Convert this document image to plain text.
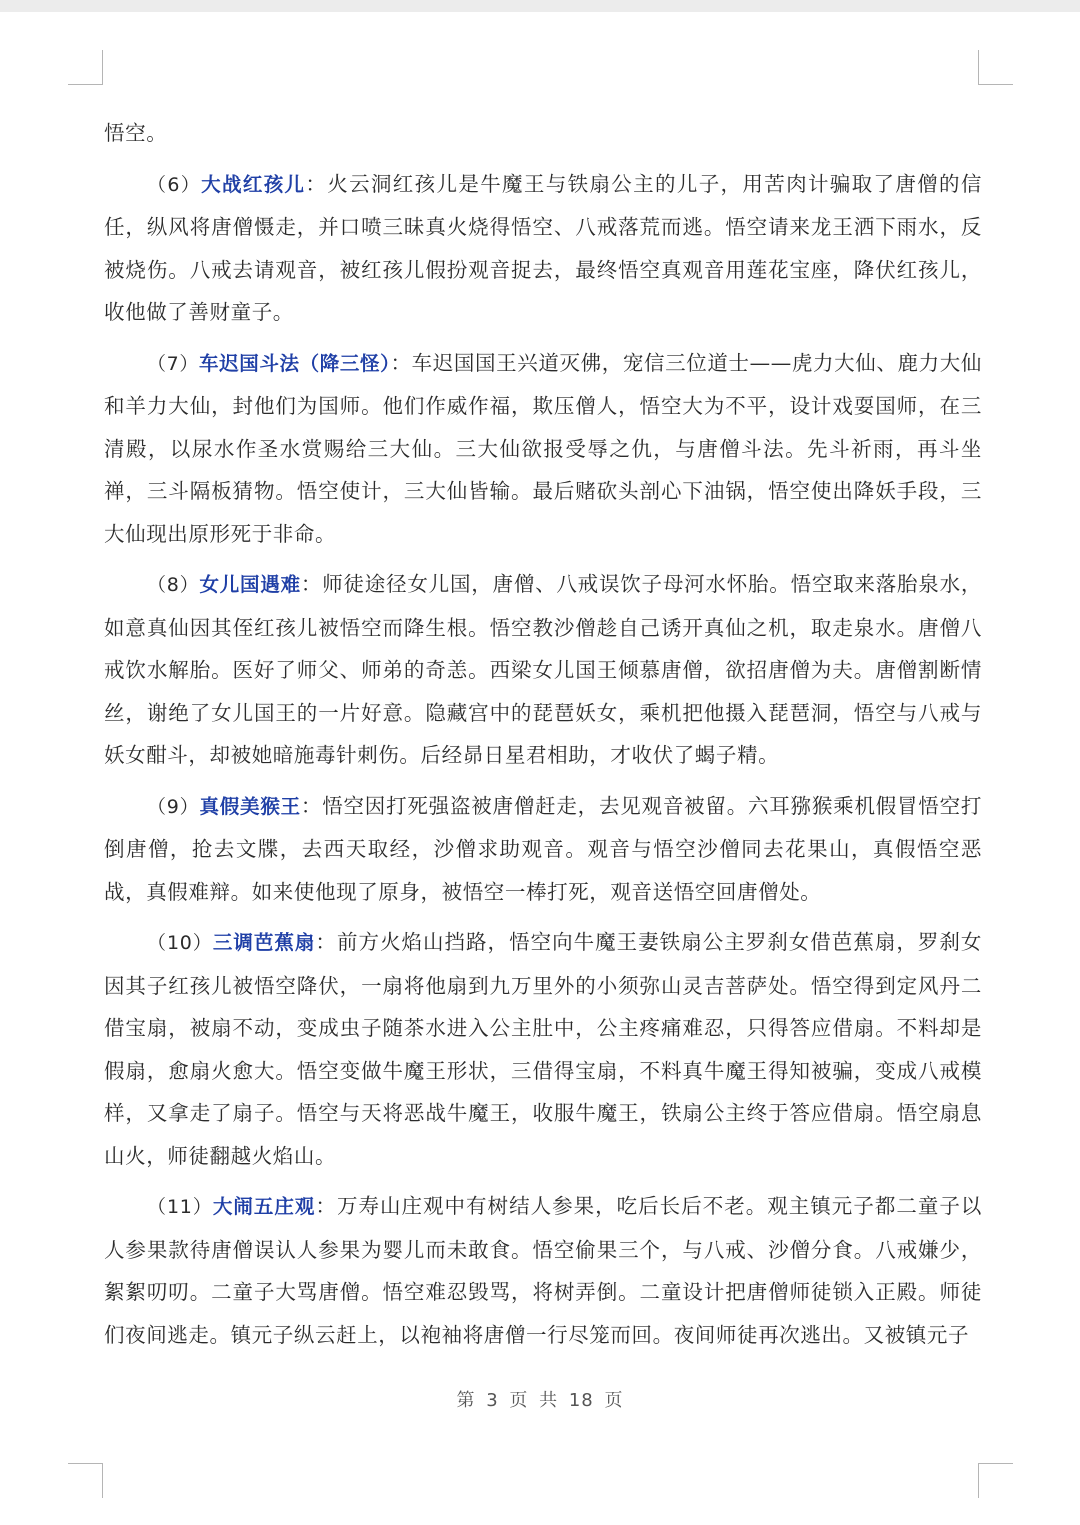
悟空。

（6）大战红孩儿：火云洞红孩儿是牛魔王与铁扇公主的儿子，用苦肉计骗取了唐僧的信任，纵风将唐僧慑走，并口喷三昧真火烧得悟空、八戒落荒而逃。悟空请来龙王洒下雨水，反被烧伤。八戒去请观音，被红孩儿假扮观音捉去，最终悟空真观音用莲花宝座，降伏红孩儿，收他做了善财童子。

（7）车迟国斗法（降三怪）：车迟国国王兴道灭佛，宠信三位道士——虎力大仙、鹿力大仙和羊力大仙，封他们为国师。他们作威作福，欺压僧人，悟空大为不平，设计戏耍国师，在三清殿，以尿水作圣水赏赐给三大仙。三大仙欲报受辱之仇，与唐僧斗法。先斗祈雨，再斗坐禅，三斗隔板猜物。悟空使计，三大仙皆输。最后赌砍头剖心下油锅，悟空使出降妖手段，三大仙现出原形死于非命。

（8）女儿国遇难：师徒途径女儿国，唐僧、八戒误饮子母河水怀胎。悟空取来落胎泉水，如意真仙因其侄红孩儿被悟空而降生根。悟空教沙僧趁自己诱开真仙之机，取走泉水。唐僧八戒饮水解胎。医好了师父、师弟的奇恙。西梁女儿国王倾慕唐僧，欲招唐僧为夫。唐僧割断情丝，谢绝了女儿国王的一片好意。隐藏宫中的琵琶妖女，乘机把他摄入琵琶洞，悟空与八戒与妖女酣斗，却被她暗施毒针刺伤。后经昴日星君相助，才收伏了蝎子精。

（9）真假美猴王：悟空因打死强盗被唐僧赶走，去见观音被留。六耳猕猴乘机假冒悟空打倒唐僧，抢去文牒，去西天取经，沙僧求助观音。观音与悟空沙僧同去花果山，真假悟空恶战，真假难辩。如来使他现了原身，被悟空一棒打死，观音送悟空回唐僧处。

（10）三调芭蕉扇：前方火焰山挡路，悟空向牛魔王妻铁扇公主罗刹女借芭蕉扇，罗刹女因其子红孩儿被悟空降伏，一扇将他扇到九万里外的小须弥山灵吉菩萨处。悟空得到定风丹二借宝扇，被扇不动，变成虫子随茶水进入公主肚中，公主疼痛难忍，只得答应借扇。不料却是假扇，愈扇火愈大。悟空变做牛魔王形状，三借得宝扇，不料真牛魔王得知被骗，变成八戒模样，又拿走了扇子。悟空与天将恶战牛魔王，收服牛魔王，铁扇公主终于答应借扇。悟空扇息山火，师徒翻越火焰山。

（11）大闹五庄观：万寿山庄观中有树结人参果，吃后长后不老。观主镇元子都二童子以人参果款待唐僧误认人参果为婴儿而未敢食。悟空偷果三个，与八戒、沙僧分食。八戒嫌少，絮絮叨叨。二童子大骂唐僧。悟空难忍毁骂，将树弄倒。二童设计把唐僧师徒锁入正殿。师徒们夜间逃走。镇元子纵云赶上，以袍袖将唐僧一行尽笼而回。夜间师徒再次逃出。又被镇元子

第 3 页 共 18 页
